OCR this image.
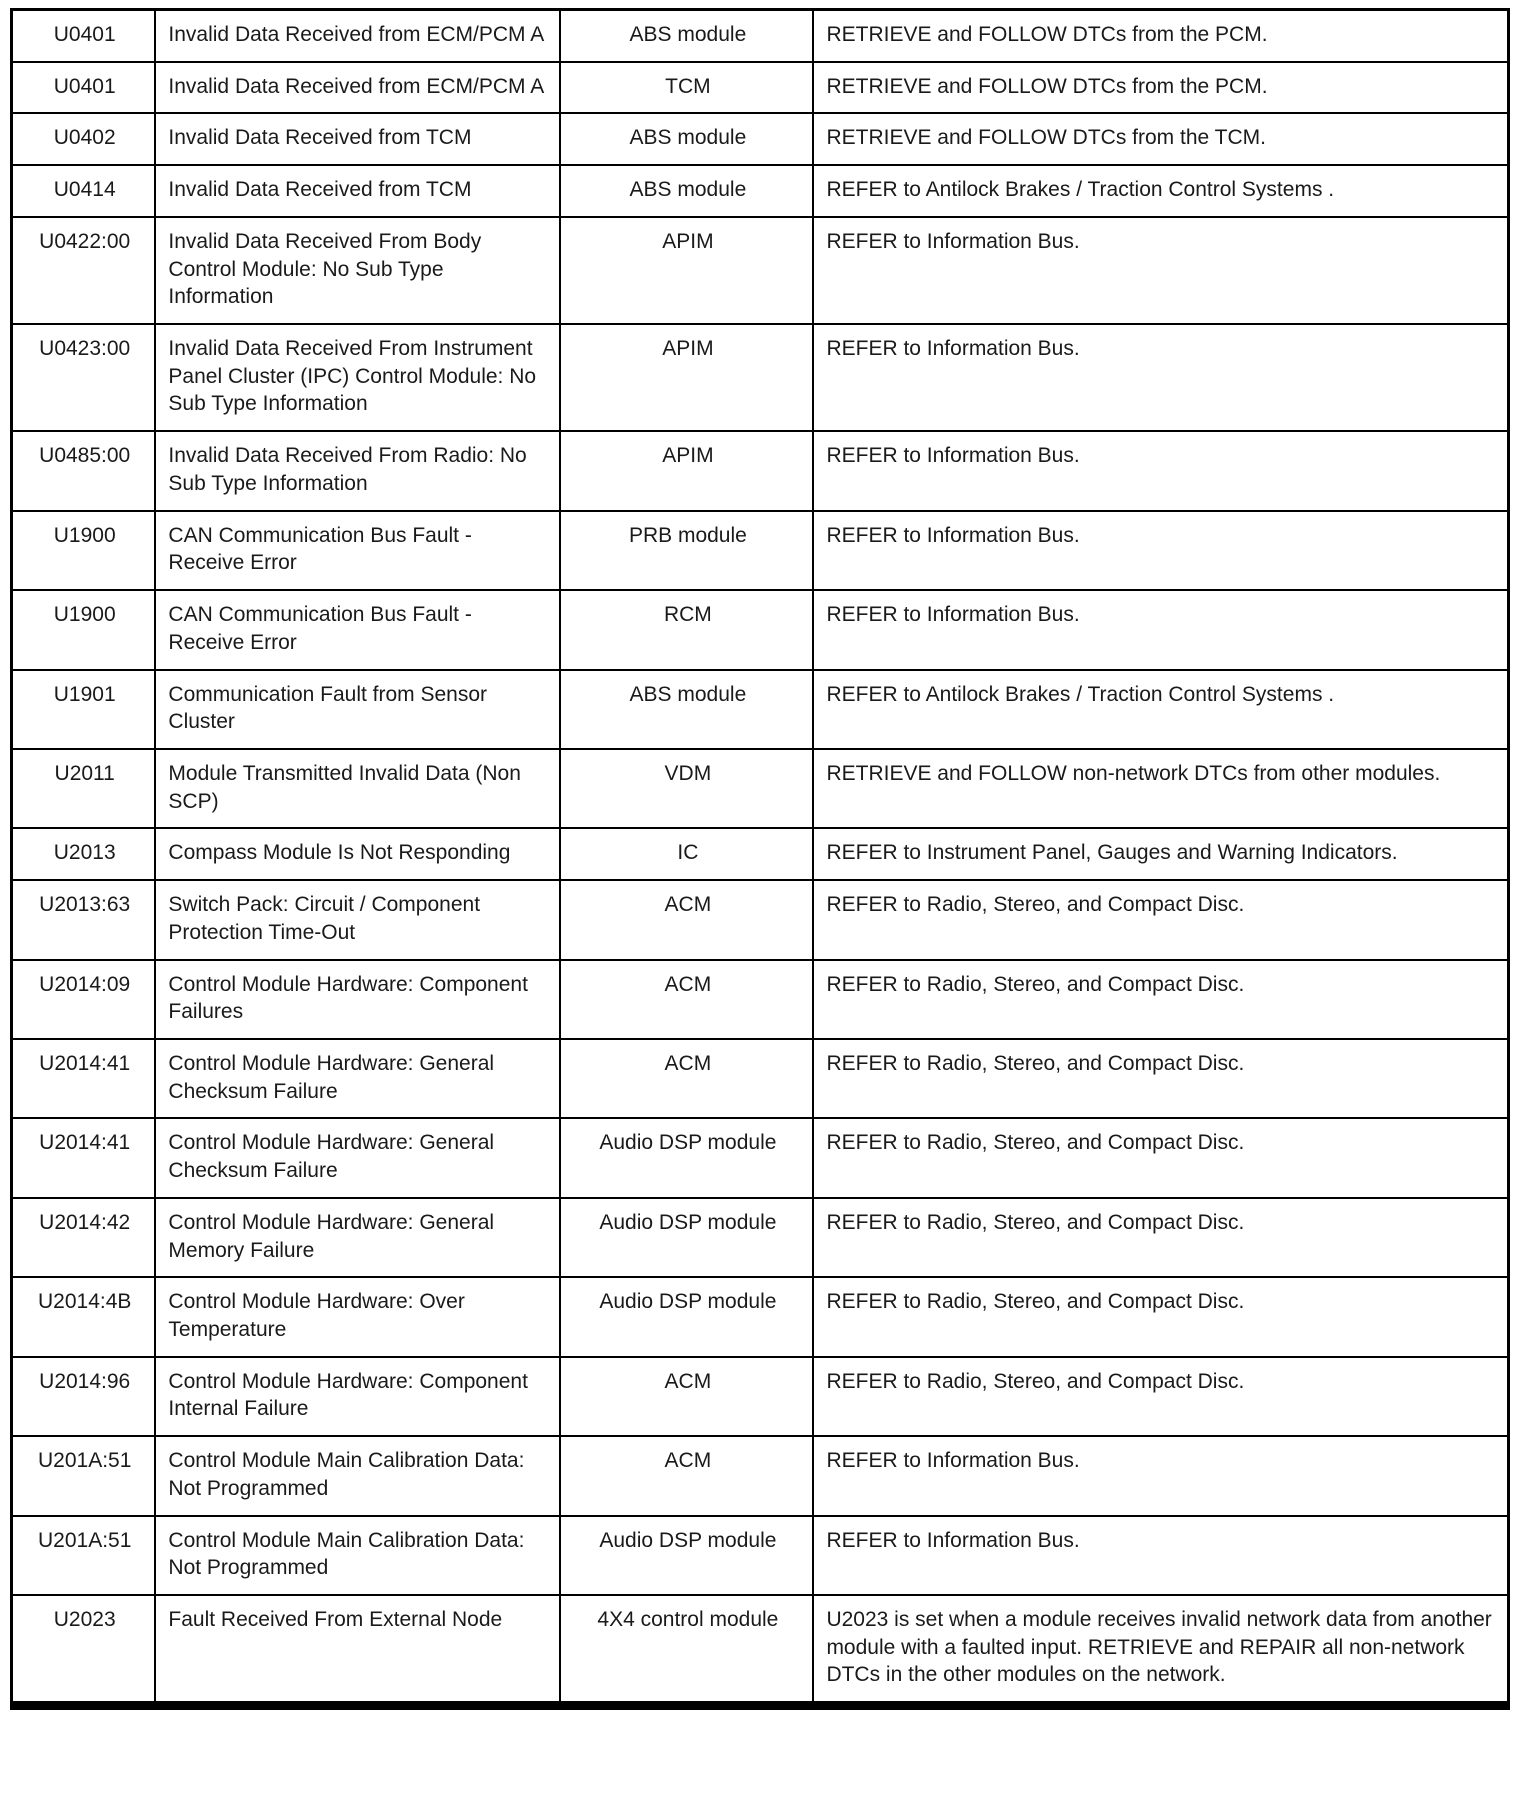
U0401	Invalid Data Received from ECM/PCM A	ABS module	RETRIEVE and FOLLOW DTCs from the PCM.
U0401	Invalid Data Received from ECM/PCM A	TCM	RETRIEVE and FOLLOW DTCs from the PCM.
U0402	Invalid Data Received from TCM	ABS module	RETRIEVE and FOLLOW DTCs from the TCM.
U0414	Invalid Data Received from TCM	ABS module	REFER to Antilock Brakes / Traction Control Systems .
U0422:00	Invalid Data Received From Body Control Module: No Sub Type Information	APIM	REFER to Information Bus.
U0423:00	Invalid Data Received From Instrument Panel Cluster (IPC) Control Module: No Sub Type Information	APIM	REFER to Information Bus.
U0485:00	Invalid Data Received From Radio: No Sub Type Information	APIM	REFER to Information Bus.
U1900	CAN Communication Bus Fault - Receive Error	PRB module	REFER to Information Bus.
U1900	CAN Communication Bus Fault - Receive Error	RCM	REFER to Information Bus.
U1901	Communication Fault from Sensor Cluster	ABS module	REFER to Antilock Brakes / Traction Control Systems .
U2011	Module Transmitted Invalid Data (Non SCP)	VDM	RETRIEVE and FOLLOW non-network DTCs from other modules.
U2013	Compass Module Is Not Responding	IC	REFER to Instrument Panel, Gauges and Warning Indicators.
U2013:63	Switch Pack: Circuit / Component Protection Time-Out	ACM	REFER to Radio, Stereo, and Compact Disc.
U2014:09	Control Module Hardware: Component Failures	ACM	REFER to Radio, Stereo, and Compact Disc.
U2014:41	Control Module Hardware: General Checksum Failure	ACM	REFER to Radio, Stereo, and Compact Disc.
U2014:41	Control Module Hardware: General Checksum Failure	Audio DSP module	REFER to Radio, Stereo, and Compact Disc.
U2014:42	Control Module Hardware: General Memory Failure	Audio DSP module	REFER to Radio, Stereo, and Compact Disc.
U2014:4B	Control Module Hardware: Over Temperature	Audio DSP module	REFER to Radio, Stereo, and Compact Disc.
U2014:96	Control Module Hardware: Component Internal Failure	ACM	REFER to Radio, Stereo, and Compact Disc.
U201A:51	Control Module Main Calibration Data: Not Programmed	ACM	REFER to Information Bus.
U201A:51	Control Module Main Calibration Data: Not Programmed	Audio DSP module	REFER to Information Bus.
U2023	Fault Received From External Node	4X4 control module	U2023 is set when a module receives invalid network data from another module with a faulted input. RETRIEVE and REPAIR all non-network DTCs in the other modules on the network.
